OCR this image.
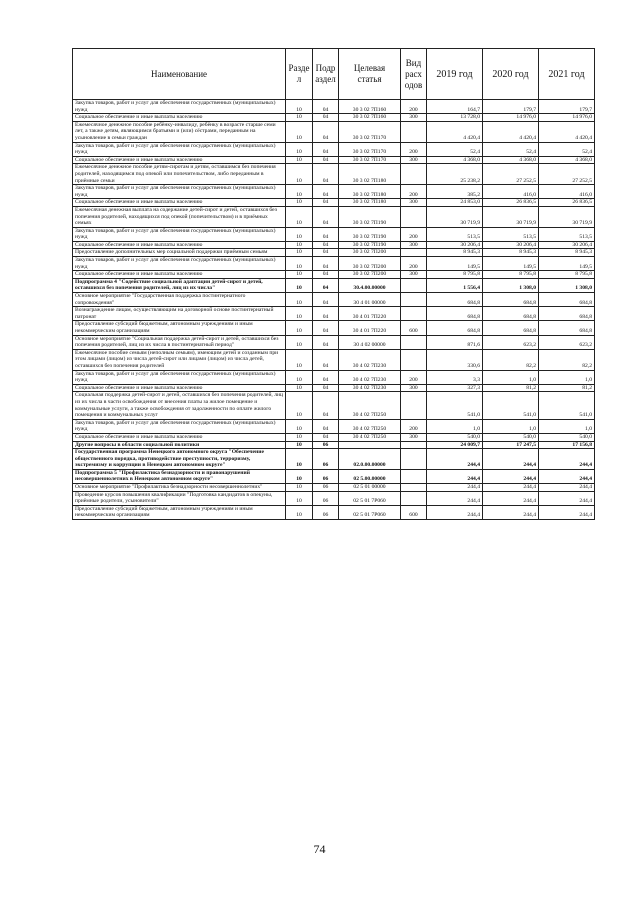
Наименование	Разде л	Подр аздел	Целевая статья	Вид расх одов	2019 год	2020 год	2021 год
Закупка товаров, работ и услуг для обеспечения государственных (муниципальных) нужд	10	04	30 3 02 7П160	200	164,7	179,7	179,7
Социальное обеспечение и иные выплаты населению	10	04	30 3 02 7П160	300	13 728,0	14 976,0	14 976,0
Ежемесячное денежное пособие ребёнку-инвалиду, ребёнку в возрасте старше семи лет, а также детям, являющимся братьями и (или) сёстрами, переданным на усыновление в семьи граждан	10	04	30 3 02 7П170		4 420,4	4 420,4	4 420,4
Закупка товаров, работ и услуг для обеспечения государственных (муниципальных) нужд	10	04	30 3 02 7П170	200	52,4	52,4	52,4
Социальное обеспечение и иные выплаты населению	10	04	30 3 02 7П170	300	4 368,0	4 368,0	4 368,0
Ежемесячное денежное пособие детям-сиротам и детям, оставшимся без попечения родителей, находящимся под опекой или попечительством, либо переданным в приёмные семьи	10	04	30 3 02 7П180		25 238,2	27 252,5	27 252,5
Закупка товаров, работ и услуг для обеспечения государственных (муниципальных) нужд	10	04	30 3 02 7П180	200	385,2	416,0	416,0
Социальное обеспечение и иные выплаты населению	10	04	30 3 02 7П180	300	24 853,0	26 836,5	26 836,5
Ежемесячная денежная выплата на содержание детей-сирот и детей, оставшихся без попечения родителей, находящихся под опекой (попечительством) и в приёмных семьях	10	04	30 3 02 7П190		30 719,9	30 719,9	30 719,9
Закупка товаров, работ и услуг для обеспечения государственных (муниципальных) нужд	10	04	30 3 02 7П190	200	513,5	513,5	513,5
Социальное обеспечение и иные выплаты населению	10	04	30 3 02 7П190	300	30 206,4	30 206,4	30 206,4
Предоставление дополнительных мер социальной поддержки приёмным семьям	10	04	30 3 02 7П200		8 945,3	8 945,3	8 945,3
Закупка товаров, работ и услуг для обеспечения государственных (муниципальных) нужд	10	04	30 3 02 7П200	200	149,5	149,5	149,5
Социальное обеспечение и иные выплаты населению	10	04	30 3 02 7П200	300	8 795,8	8 795,8	8 795,8
Подпрограмма 4 "Содействие социальной адаптации детей-сирот и детей, оставшихся без попечения родителей, лиц из их числа"	10	04	30.4.00.00000		1 556,4	1 308,0	1 308,0
Основное мероприятие "Государственная поддержка постинтернатного сопровождения"	10	04	30 4 01 00000		684,8	684,8	684,8
Вознаграждение лицам, осуществляющим на договорной основе постинтернатный патронат	10	04	30 4 01 7П220		684,8	684,8	684,8
Предоставление субсидий бюджетным, автономным учреждениям и иным некоммерческим организациям	10	04	30 4 01 7П220	600	684,8	684,8	684,8
Основное мероприятие "Социальная поддержка детей-сирот и детей, оставшихся без попечения родителей, лиц из их числа в постинтернатный период"	10	04	30 4 02 00000		871,6	623,2	623,2
Ежемесячное пособие семьям (неполным семьям), имеющим детей и созданным при этом лицами (лицом) из числа детей-сирот или лицами (лицом) из числа детей, оставшихся без попечения родителей	10	04	30 4 02 7П230		330,6	82,2	82,2
Закупка товаров, работ и услуг для обеспечения государственных (муниципальных) нужд	10	04	30 4 02 7П230	200	3,3	1,0	1,0
Социальное обеспечение и иные выплаты населению	10	04	30 4 02 7П230	300	327,3	81,2	81,2
Социальная поддержка детей-сирот и детей, оставшихся без попечения родителей, лиц из их числа в части освобождения от внесения платы за жилое помещение и коммунальные услуги, а также освобождения от задолженности по оплате жилого помещения и коммунальных услуг	10	04	30 4 02 7П250		541,0	541,0	541,0
Закупка товаров, работ и услуг для обеспечения государственных (муниципальных) нужд	10	04	30 4 02 7П250	200	1,0	1,0	1,0
Социальное обеспечение и иные выплаты населению	10	04	30 4 02 7П250	300	540,0	540,0	540,0
Другие вопросы в области социальной политики	10	06			24 009,7	17 247,5	17 156,8
Государственная программа Ненецкого автономного округа "Обеспечение общественного порядка, противодействие преступности, терроризму, экстремизму и коррупции в Ненецком автономном округе"	10	06	02.0.00.00000		244,4	244,4	244,4
Подпрограмма 5 "Профилактика безнадзорности и правонарушений несовершеннолетних в Ненецком автономном округе"	10	06	02 5.00.00000		244,4	244,4	244,4
Основное мероприятие "Профилактика безнадзорности несовершеннолетних"	10	06	02 5 01 00000		244,4	244,4	244,4
Проведение курсов повышения квалификации "Подготовка кандидатов в опекуны, приёмные родители, усыновители"	10	06	02 5 01 7Р060		244,4	244,4	244,4
Предоставление субсидий бюджетным, автономным учреждениям и иным некоммерческим организациям	10	06	02 5 01 7Р060	600	244,4	244,4	244,4
74
